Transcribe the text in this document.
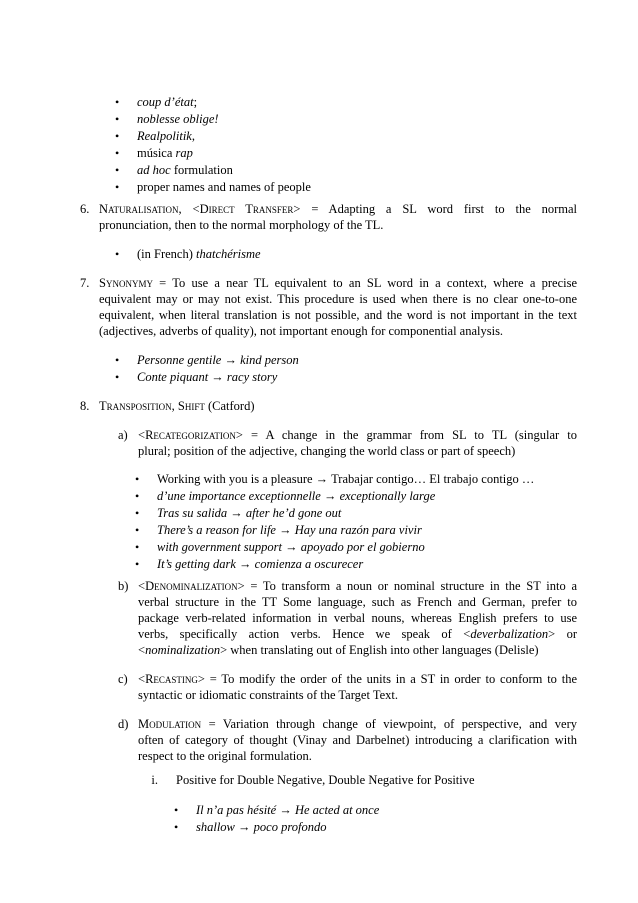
• coup d’état;
• noblesse oblige!
• Realpolitik,
• música rap
• ad hoc formulation
• proper names and names of people
6. Naturalisation, <Direct Transfer> = Adapting a SL word first to the normal
pronunciation, then to the normal morphology of the TL.
• (in French) thatchérisme
7. Synonymy = To use a near TL equivalent to an SL word in a context, where a precise
equivalent may or may not exist. This procedure is used when there is no clear one-to-one
equivalent, when literal translation is not possible, and the word is not important in the text
(adjectives, adverbs of quality), not important enough for componential analysis.
• Personne gentile → kind person
• Conte piquant → racy story
8. Transposition, Shift (Catford)
a) <Recategorization> = A change in the grammar from SL to TL (singular to
plural; position of the adjective, changing the world class or part of speech)
• Working with you is a pleasure → Trabajar contigo… El trabajo contigo …
• d’une importance exceptionnelle → exceptionally large
• Tras su salida → after he’d gone out
• There’s a reason for life → Hay una razón para vivir
• with government support → apoyado por el gobierno
• It’s getting dark → comienza a oscurecer
b) <Denominalization> = To transform a noun or nominal structure in the ST into a
verbal structure in the TT Some language, such as French and German, prefer to
package verb-related information in verbal nouns, whereas English prefers to use
verbs, specifically action verbs. Hence we speak of <deverbalization> or
<nominalization> when translating out of English into other languages (Delisle)
c) <Recasting> = To modify the order of the units in a ST in order to conform to the
syntactic or idiomatic constraints of the Target Text.
d) Modulation = Variation through change of viewpoint, of perspective, and very
often of category of thought (Vinay and Darbelnet) introducing a clarification with
respect to the original formulation.
i. Positive for Double Negative, Double Negative for Positive
• Il n’a pas hésité → He acted at once
• shallow → poco profondo
